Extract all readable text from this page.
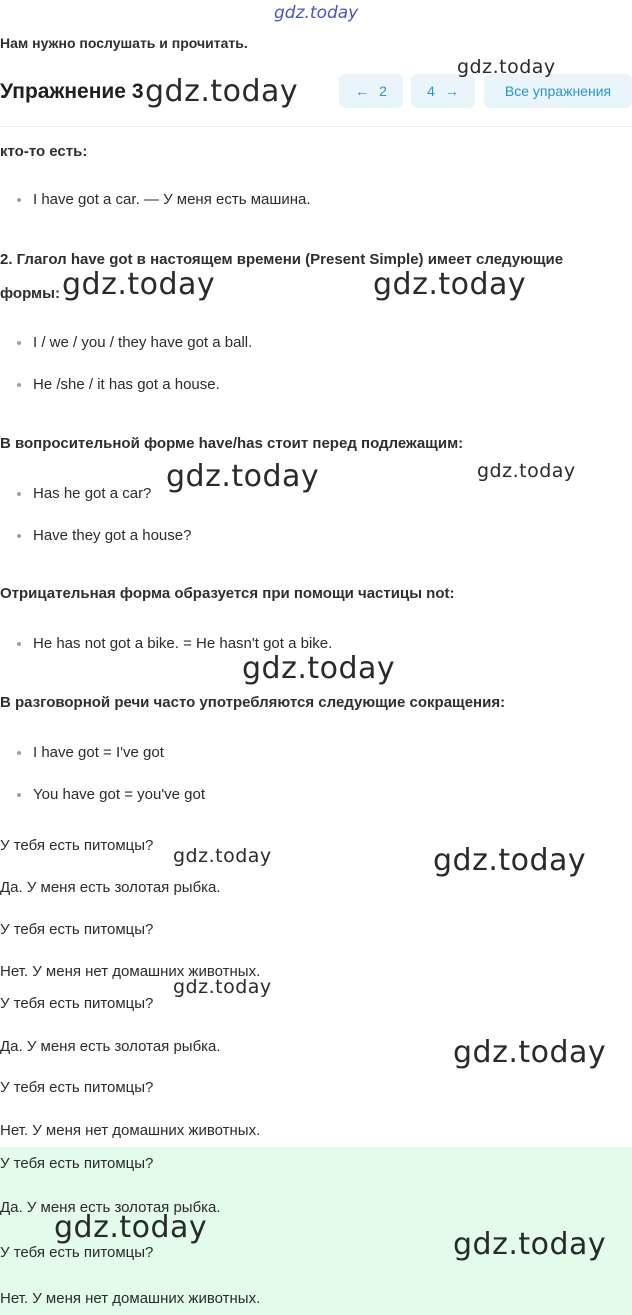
gdz.today
Нам нужно послушать и прочитать.
Упражнение 3	← 2	4 →	Все упражнения
кто-то есть:
I have got a car. — У меня есть машина.
2. Глагол have got в настоящем времени (Present Simple) имеет следующие
формы:
I / we / you / they have got a ball.
He /she / it has got a house.
В вопросительной форме have/has стоит перед подлежащим:
Has he got a car?
Have they got a house?
Отрицательная форма образуется при помощи частицы not:
He has not got a bike. = He hasn't got a bike.
В разговорной речи часто употребляются следующие сокращения:
I have got = I've got
You have got = you've got
У тебя есть питомцы?
Да. У меня есть золотая рыбка.
У тебя есть питомцы?
Нет. У меня нет домашних животных.
У тебя есть питомцы?
Да. У меня есть золотая рыбка.
У тебя есть питомцы?
Нет. У меня нет домашних животных.
У тебя есть питомцы?
Да. У меня есть золотая рыбка.
У тебя есть питомцы?
Нет. У меня нет домашних животных.
gdz.today
gdz.today
gdz.today	gdz.today
gdz.today
gdz.today
gdz.today
gdz.today	gdz.today
gdz.today
gdz.today
gdz.today	gdz.today
